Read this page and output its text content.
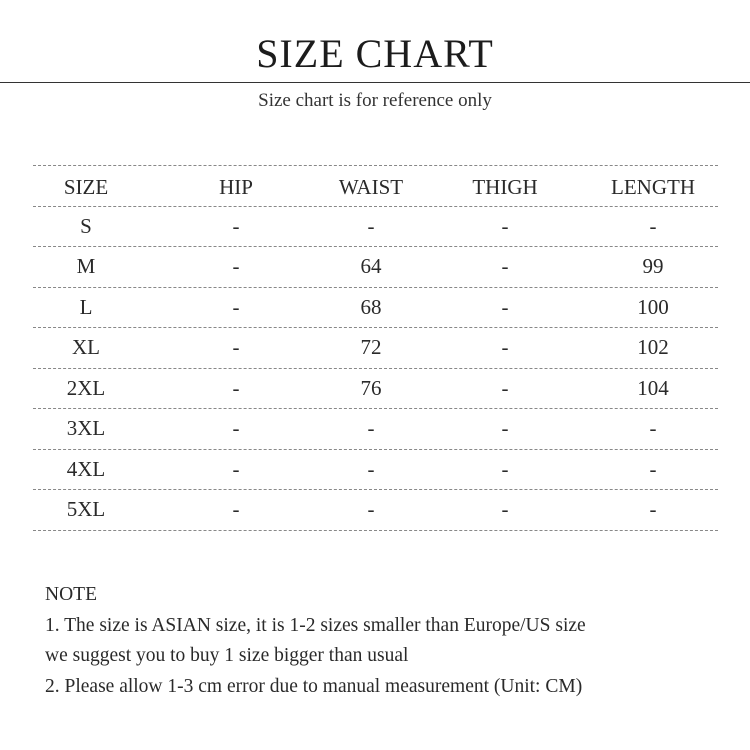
SIZE CHART
Size chart is for reference only
SIZE	HIP	WAIST	THIGH	LENGTH
S	-	-	-	-
M	-	64	-	99
L	-	68	-	100
XL	-	72	-	102
2XL	-	76	-	104
3XL	-	-	-	-
4XL	-	-	-	-
5XL	-	-	-	-
NOTE
1. The size is ASIAN size, it is 1-2 sizes smaller than Europe/US size
we suggest you to buy 1 size bigger than usual
2. Please allow 1-3 cm error due to manual measurement (Unit: CM)
